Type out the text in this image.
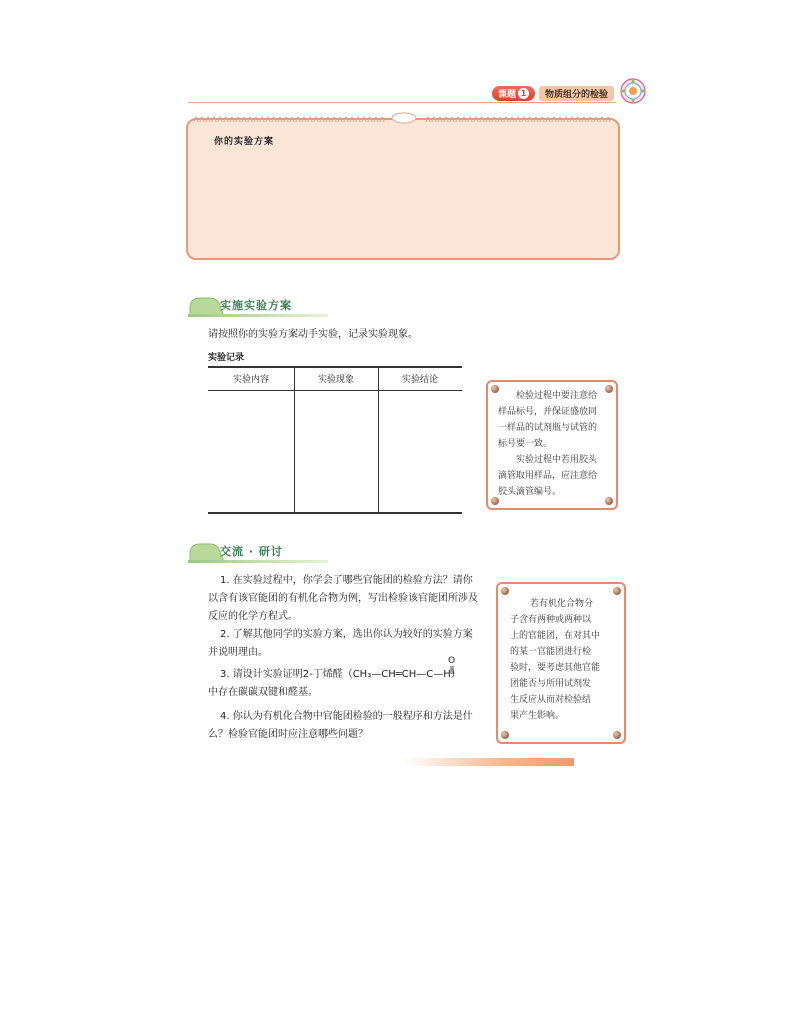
课题 1	物质组分的检验
你的实验方案
实施实验方案
请按照你的实验方案动手实验，记录实验现象。
实验记录
实验内容	实验现象	实验结论

检验过程中要注意给

样品标号，并保证盛放同

一样品的试剂瓶与试管的

标号要一致。

实验过程中若用胶头

滴管取用样品，应注意给

胶头滴管编号。

交流 · 研讨
1. 在实验过程中，你学会了哪些官能团的检验方法？请你
以含有该官能团的有机化合物为例，写出检验该官能团所涉及
反应的化学方程式。
2. 了解其他同学的实验方案，选出你认为较好的实验方案
并说明理由。
3. 请设计实验证明2-丁烯醛（CH₃—CH═CH—C—H）
中存在碳碳双键和醛基。
O
4. 你认为有机化合物中官能团检验的一般程序和方法是什
么？检验官能团时应注意哪些问题？

若有机化合物分

子含有两种或两种以

上的官能团，在对其中

的某一官能团进行检

验时，要考虑其他官能

团能否与所用试剂发

生反应从而对检验结

果产生影响。
